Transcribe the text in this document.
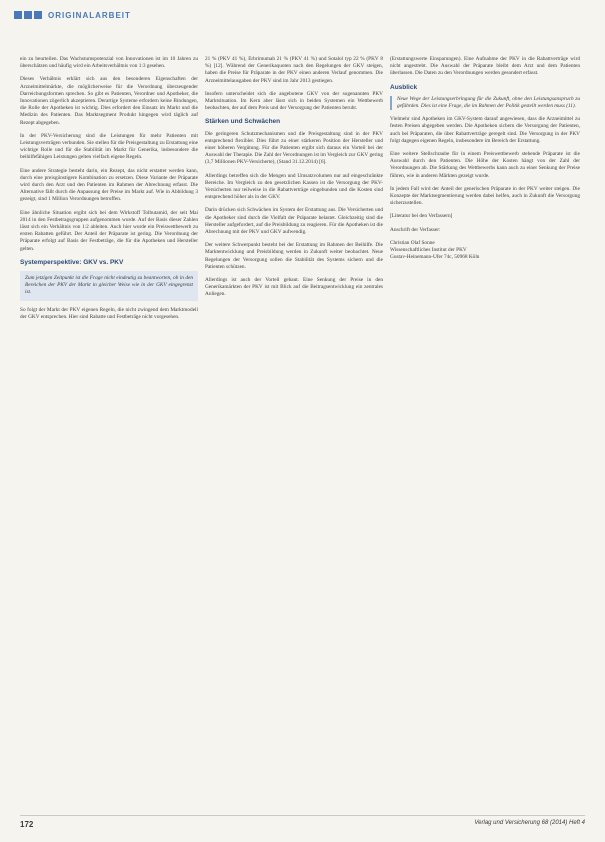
ORIGINALARBEIT

ein zu beurteilen. Das Wachstumspotenzial von Innovationen ist im 10 Jahren zu überschätzen und häufig wird ein Arbeitsverhältnis von 1:3 gesehen.

Dieses Verhältnis erklärt sich aus den besonderen Eigenschaften der Arzneimittelmärkte, die möglicherweise für die Verordnung überzeugender Darreichungsformen sprechen. So gibt es Patienten, Verordner und Apotheker, die Innovationen zögerlich akzeptieren. Derartige Systeme erfordern keine Bindungen, die Rolle der Apotheken ist wichtig. Dies erfordert den Einsatz im Markt und die Medizin des Patienten. Das Marktsegment Produkt hingegen wird täglich auf Rezept abgegeben.

In der PKV-Versicherung sind die Leistungen für mehr Patienten mit Leistungsverträgen verbunden. Sie stellen für die Preisgestaltung zu Erstattung eine wichtige Rolle und für die Stabilität im Markt für Generika, insbesondere die beihilfefähigen Leistungen gelten vielfach eigene Regeln.

Eine andere Strategie besteht darin, ein Rezept, das nicht erstattet werden kann, durch eine preisgünstigere Kombination zu ersetzen. Diese Variante der Präparate wird durch den Arzt und den Patienten im Rahmen der Abrechnung erfasst. Die Alternative fällt durch die Anpassung der Preise im Markt auf. Wie in Abbildung 3 gezeigt, sind 1 Million Verordnungen betroffen.

Eine ähnliche Situation ergibt sich bei dem Wirkstoff Tolbutamid, der seit Mai 2014 in den Festbetragsgruppen aufgenommen wurde. Auf der Basis dieser Zahlen lässt sich ein Verhältnis von 1:2 ableiten. Auch hier wurde ein Preiswettbewerb zu ersten Rabatten geführt. Der Anteil der Präparate ist gering. Die Verordnung der Präparate erfolgt auf Basis der Festbeträge, die für die Apotheken und Hersteller gelten.

Systemperspektive: GKV vs. PKV
Zum jetzigen Zeitpunkt ist die Frage nicht eindeutig zu beantworten, ob in den Bereichen der PKV der Markt in gleicher Weise wie in der GKV eingegrenzt ist.

So folgt der Markt der PKV eigenen Regeln, die nicht zwingend dem Marktmodell der GKV entsprechen. Hier sind Rabatte und Festbeträge nicht vorgesehen.

21 % (PKV 41 %), Erbrimumab 21 % (PKV 41 %) und Sotalol typ 22 % (PKV 8 %) [12]. Während der Generikaquoten nach den Regelungen der GKV steigen, haben die Preise für Präparate in der PKV einen anderen Verlauf genommen. Die Arzneimittelausgaben der PKV sind im Jahr 2013 gestiegen.

Insofern unterscheidet sich die angebotene GKV von der sogenannten PKV Marktsituation. Im Kern aber lässt sich in beiden Systemen ein Wettbewerb beobachten, der auf dem Preis und der Versorgung der Patienten beruht.

Stärken und Schwächen

Die geringeren Schutzmechanismen und die Preisgestaltung sind in der PKV entsprechend flexibler. Dies führt zu einer stärkeren Position der Hersteller und einer höheren Vergütung. Für die Patienten ergibt sich daraus ein Vorteil bei der Auswahl der Therapie. Die Zahl der Verordnungen ist im Vergleich zur GKV gering (3,7 Millionen PKV-Versicherte), (Stand 31.12.2014) [6].

Allerdings betreffen sich die Mengen und Umsatzvolumen nur auf eingeschränkte Bereiche. Im Vergleich zu den gesetzlichen Kassen ist die Versorgung der PKV-Versicherten nur teilweise in die Rabattverträge eingebunden und die Kosten sind entsprechend höher als in der GKV.

Darin drücken sich Schwächen im System der Erstattung aus. Die Versicherten und die Apotheker sind durch die Vielfalt der Präparate belastet. Gleichzeitig sind die Hersteller aufgefordert, auf die Preisbildung zu reagieren. Für die Apotheken ist die Abrechnung mit der PKV und GKV aufwendig.

Der weitere Schwerpunkt besteht bei der Erstattung im Rahmen der Beihilfe. Die Marktentwicklung und Preisbildung werden in Zukunft weiter beobachtet. Neue Regelungen der Versorgung sollen die Stabilität des Systems sichern und die Patienten schützen.

Allerdings ist auch der Vorteil gebaut. Eine Senkung der Preise in den Generikamärkten der PKV ist mit Blick auf die Beitragsentwicklung ein zentrales Anliegen.

(Erstattungswerte Einsparungen). Eine Aufnahme der PKV in die Rabattverträge wird nicht angestrebt. Die Auswahl der Präparate bleibt dem Arzt und dem Patienten überlassen. Die Daten zu den Verordnungen werden gesondert erfasst.

Ausblick
Neue Wege der Leistungserbringung für die Zukunft, ohne den Leistungsanspruch zu gefährden. Dies ist eine Frage, die im Rahmen der Politik gestellt werden muss (11).

Vielmehr sind Apotheken im GKV-System darauf angewiesen, dass die Arzneimittel zu festen Preisen abgegeben werden. Die Apotheken sichern die Versorgung der Patienten, auch bei Präparaten, die über Rabattverträge geregelt sind. Die Versorgung in der PKV folgt dagegen eigenen Regeln, insbesondere im Bereich der Erstattung.

Eine weitere Stellschraube für in einem Preiswettbewerb stehende Präparate ist die Auswahl durch den Patienten. Die Höhe der Kosten hängt von der Zahl der Verordnungen ab. Die Stärkung des Wettbewerbs kann auch zu einer Senkung der Preise führen, wie in anderen Märkten gezeigt wurde.

In jedem Fall wird der Anteil der generischen Präparate in der PKV weiter steigen. Die Konzepte der Marktsegmentierung werden dabei helfen, auch in Zukunft die Versorgung sicherzustellen.

[Literatur bei den Verfassern]

Anschrift der Verfasser:

Christian Olaf Sonne
Wissenschaftliches Institut der PKV
Gustav-Heinemann-Ufer 74c, 50968 Köln
172	Verlag und Versicherung 68 (2014) Heft 4
